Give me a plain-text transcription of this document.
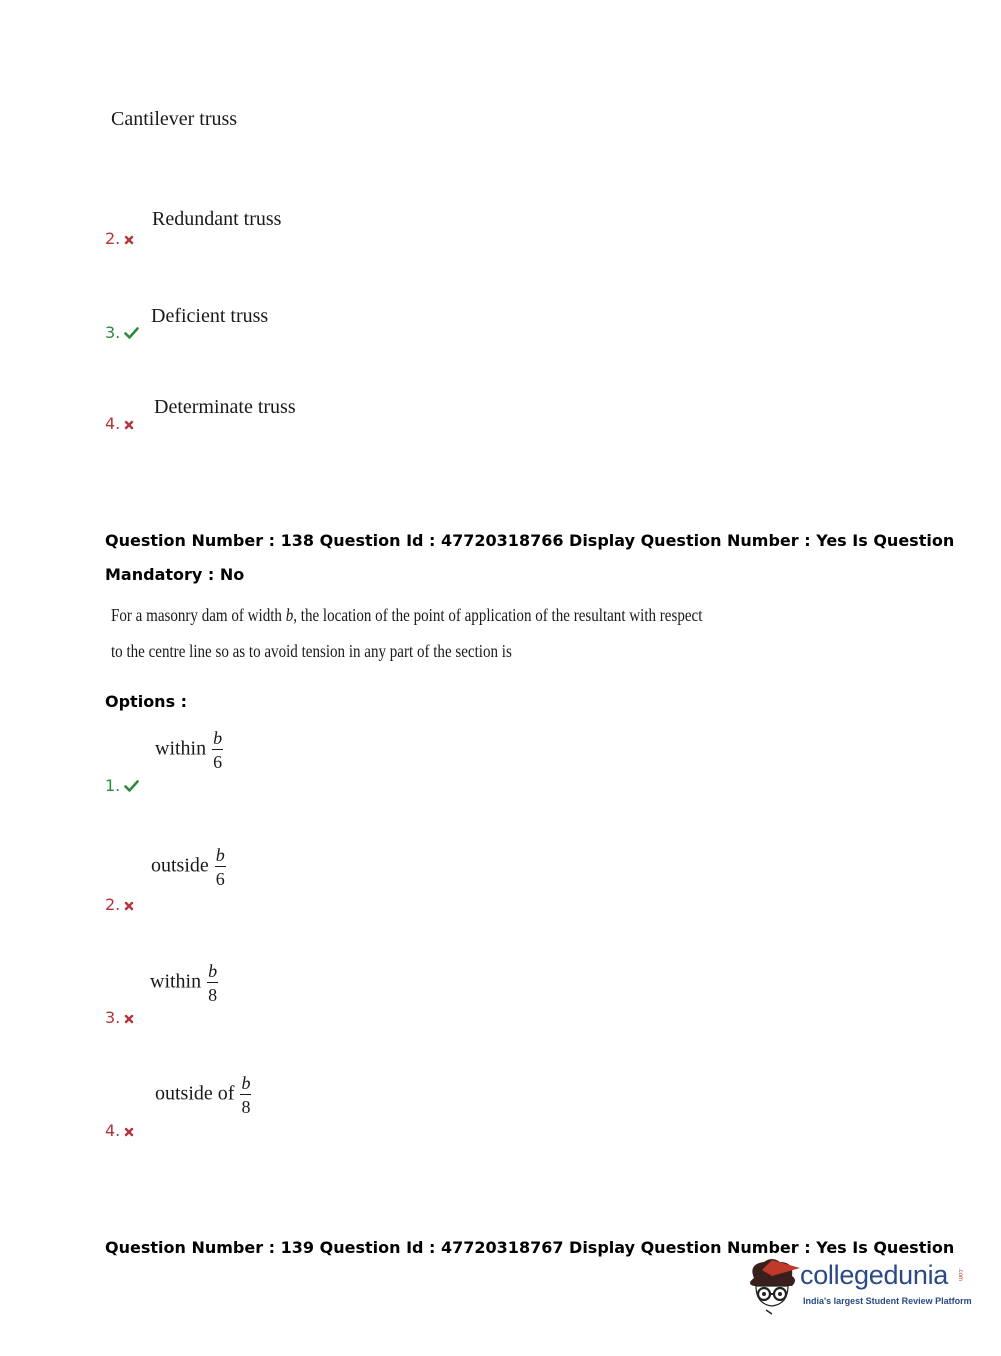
Cantilever truss
Redundant truss
2.
Deficient truss
3.
Determinate truss
4.
Question Number : 138 Question Id : 47720318766 Display Question Number : Yes Is Question
Mandatory : No
For a masonry dam of width b, the location of the point of application of the resultant with respect
to the centre line so as to avoid tension in any part of the section is
Options :
within $\frac{b}{6}$
1.
outside $\frac{b}{6}$
2.
within $\frac{b}{8}$
3.
outside of $\frac{b}{8}$
4.
Question Number : 139 Question Id : 47720318767 Display Question Number : Yes Is Question
collegedunia .com
India's largest Student Review Platform
